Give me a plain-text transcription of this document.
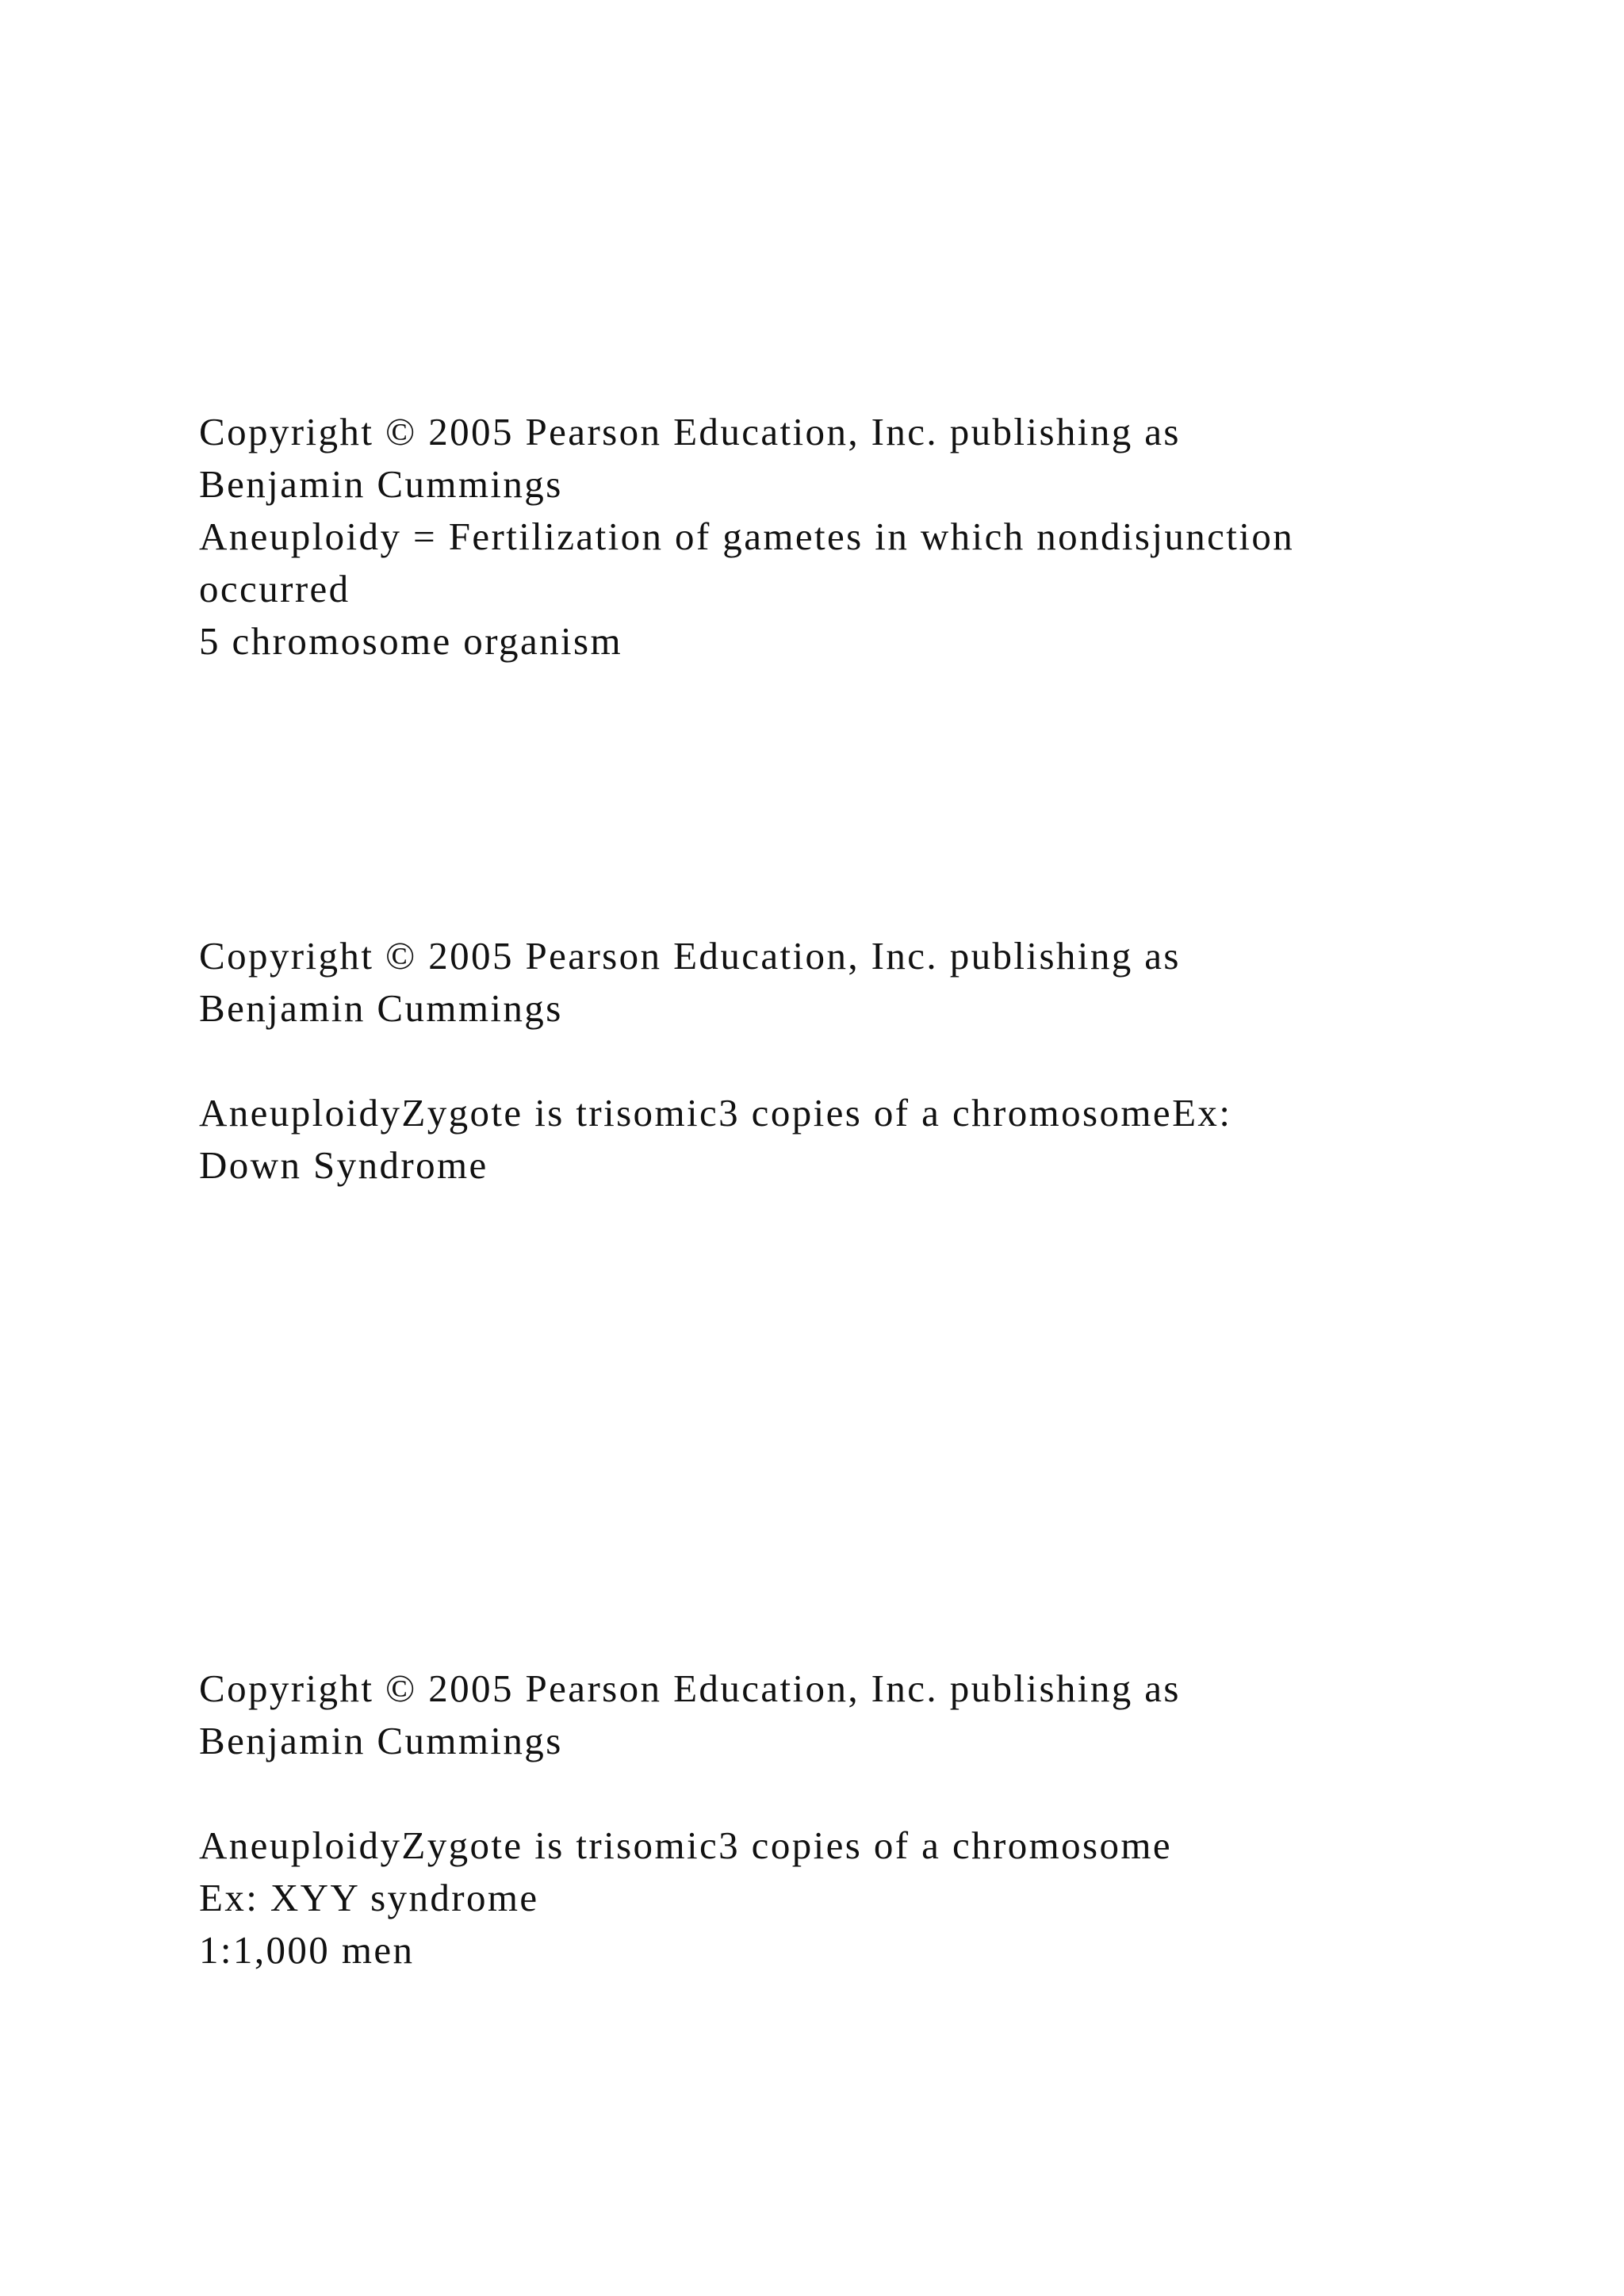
Copyright © 2005 Pearson Education, Inc. publishing as
Benjamin Cummings
Aneuploidy = Fertilization of gametes in which nondisjunction
occurred
5 chromosome organism
Copyright © 2005 Pearson Education, Inc. publishing as
Benjamin Cummings
AneuploidyZygote is trisomic3 copies of a chromosomeEx:
Down Syndrome
Copyright © 2005 Pearson Education, Inc. publishing as
Benjamin Cummings
AneuploidyZygote is trisomic3 copies of a chromosome
Ex: XYY syndrome
1:1,000 men
